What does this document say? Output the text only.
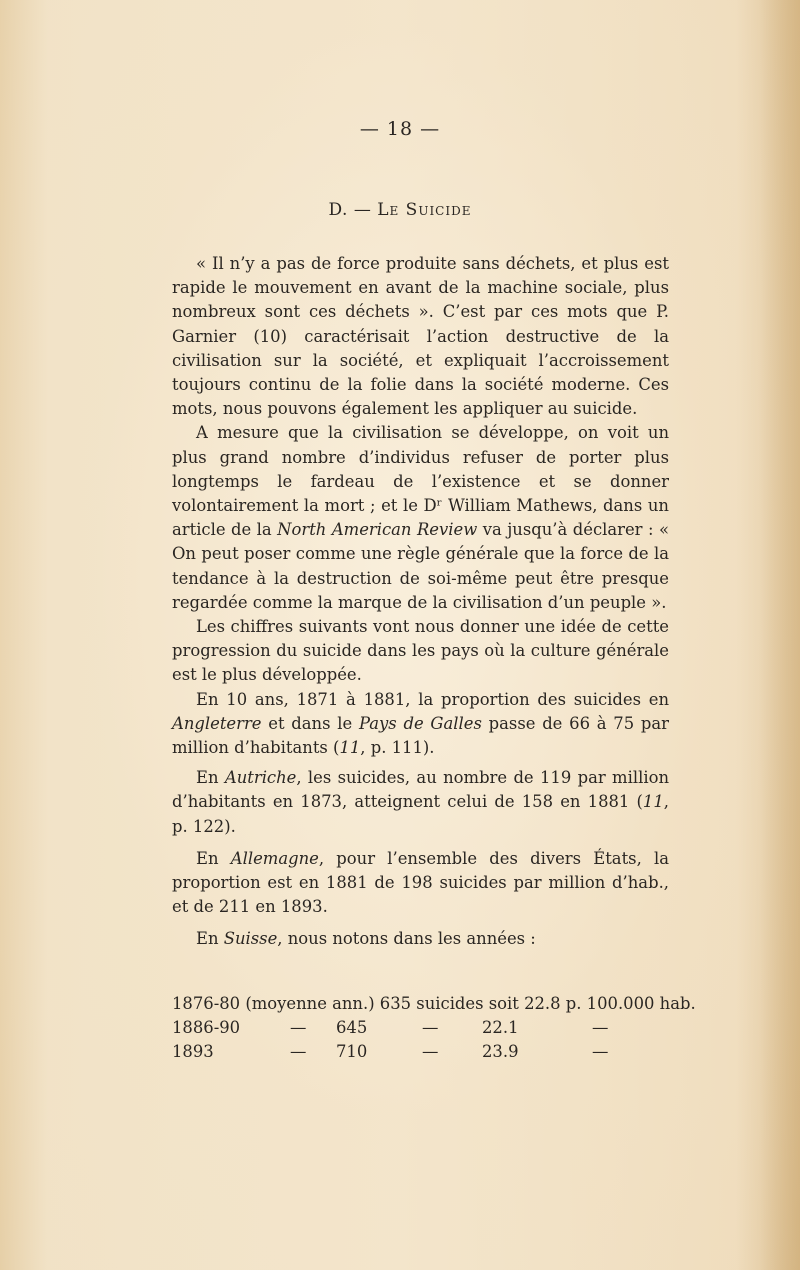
— 18 —
D. — Le Suicide

« Il n’y a pas de force produite sans déchets, et plus est rapide le mouvement en avant de la machine sociale, plus nombreux sont ces déchets ». C’est par ces mots que P. Garnier (10) caractérisait l’action destructive de la civilisation sur la société, et expliquait l’accroissement toujours continu de la folie dans la société moderne. Ces mots, nous pouvons également les appliquer au suicide.

A mesure que la civilisation se développe, on voit un plus grand nombre d’individus refuser de porter plus longtemps le fardeau de l’existence et se donner volontairement la mort ; et le Dʳ William Mathews, dans un article de la North American Review va jusqu’à déclarer : « On peut poser comme une règle générale que la force de la tendance à la destruction de soi-même peut être presque regardée comme la marque de la civilisation d’un peuple ».

Les chiffres suivants vont nous donner une idée de cette progression du suicide dans les pays où la culture générale est le plus développée.

En 10 ans, 1871 à 1881, la proportion des suicides en Angleterre et dans le Pays de Galles passe de 66 à 75 par million d’habitants (11, p. 111).

En Autriche, les suicides, au nombre de 119 par million d’habitants en 1873, atteignent celui de 158 en 1881 (11, p. 122).

En Allemagne, pour l’ensemble des divers États, la proportion est en 1881 de 198 suicides par million d’hab., et de 211 en 1893.

En Suisse, nous notons dans les années :

1876-80 (moyenne ann.) 635 suicides soit 22.8 p. 100.000 hab.
1886-90	— 645	—	22.1	—
1893	— 710	—	23.9	—
